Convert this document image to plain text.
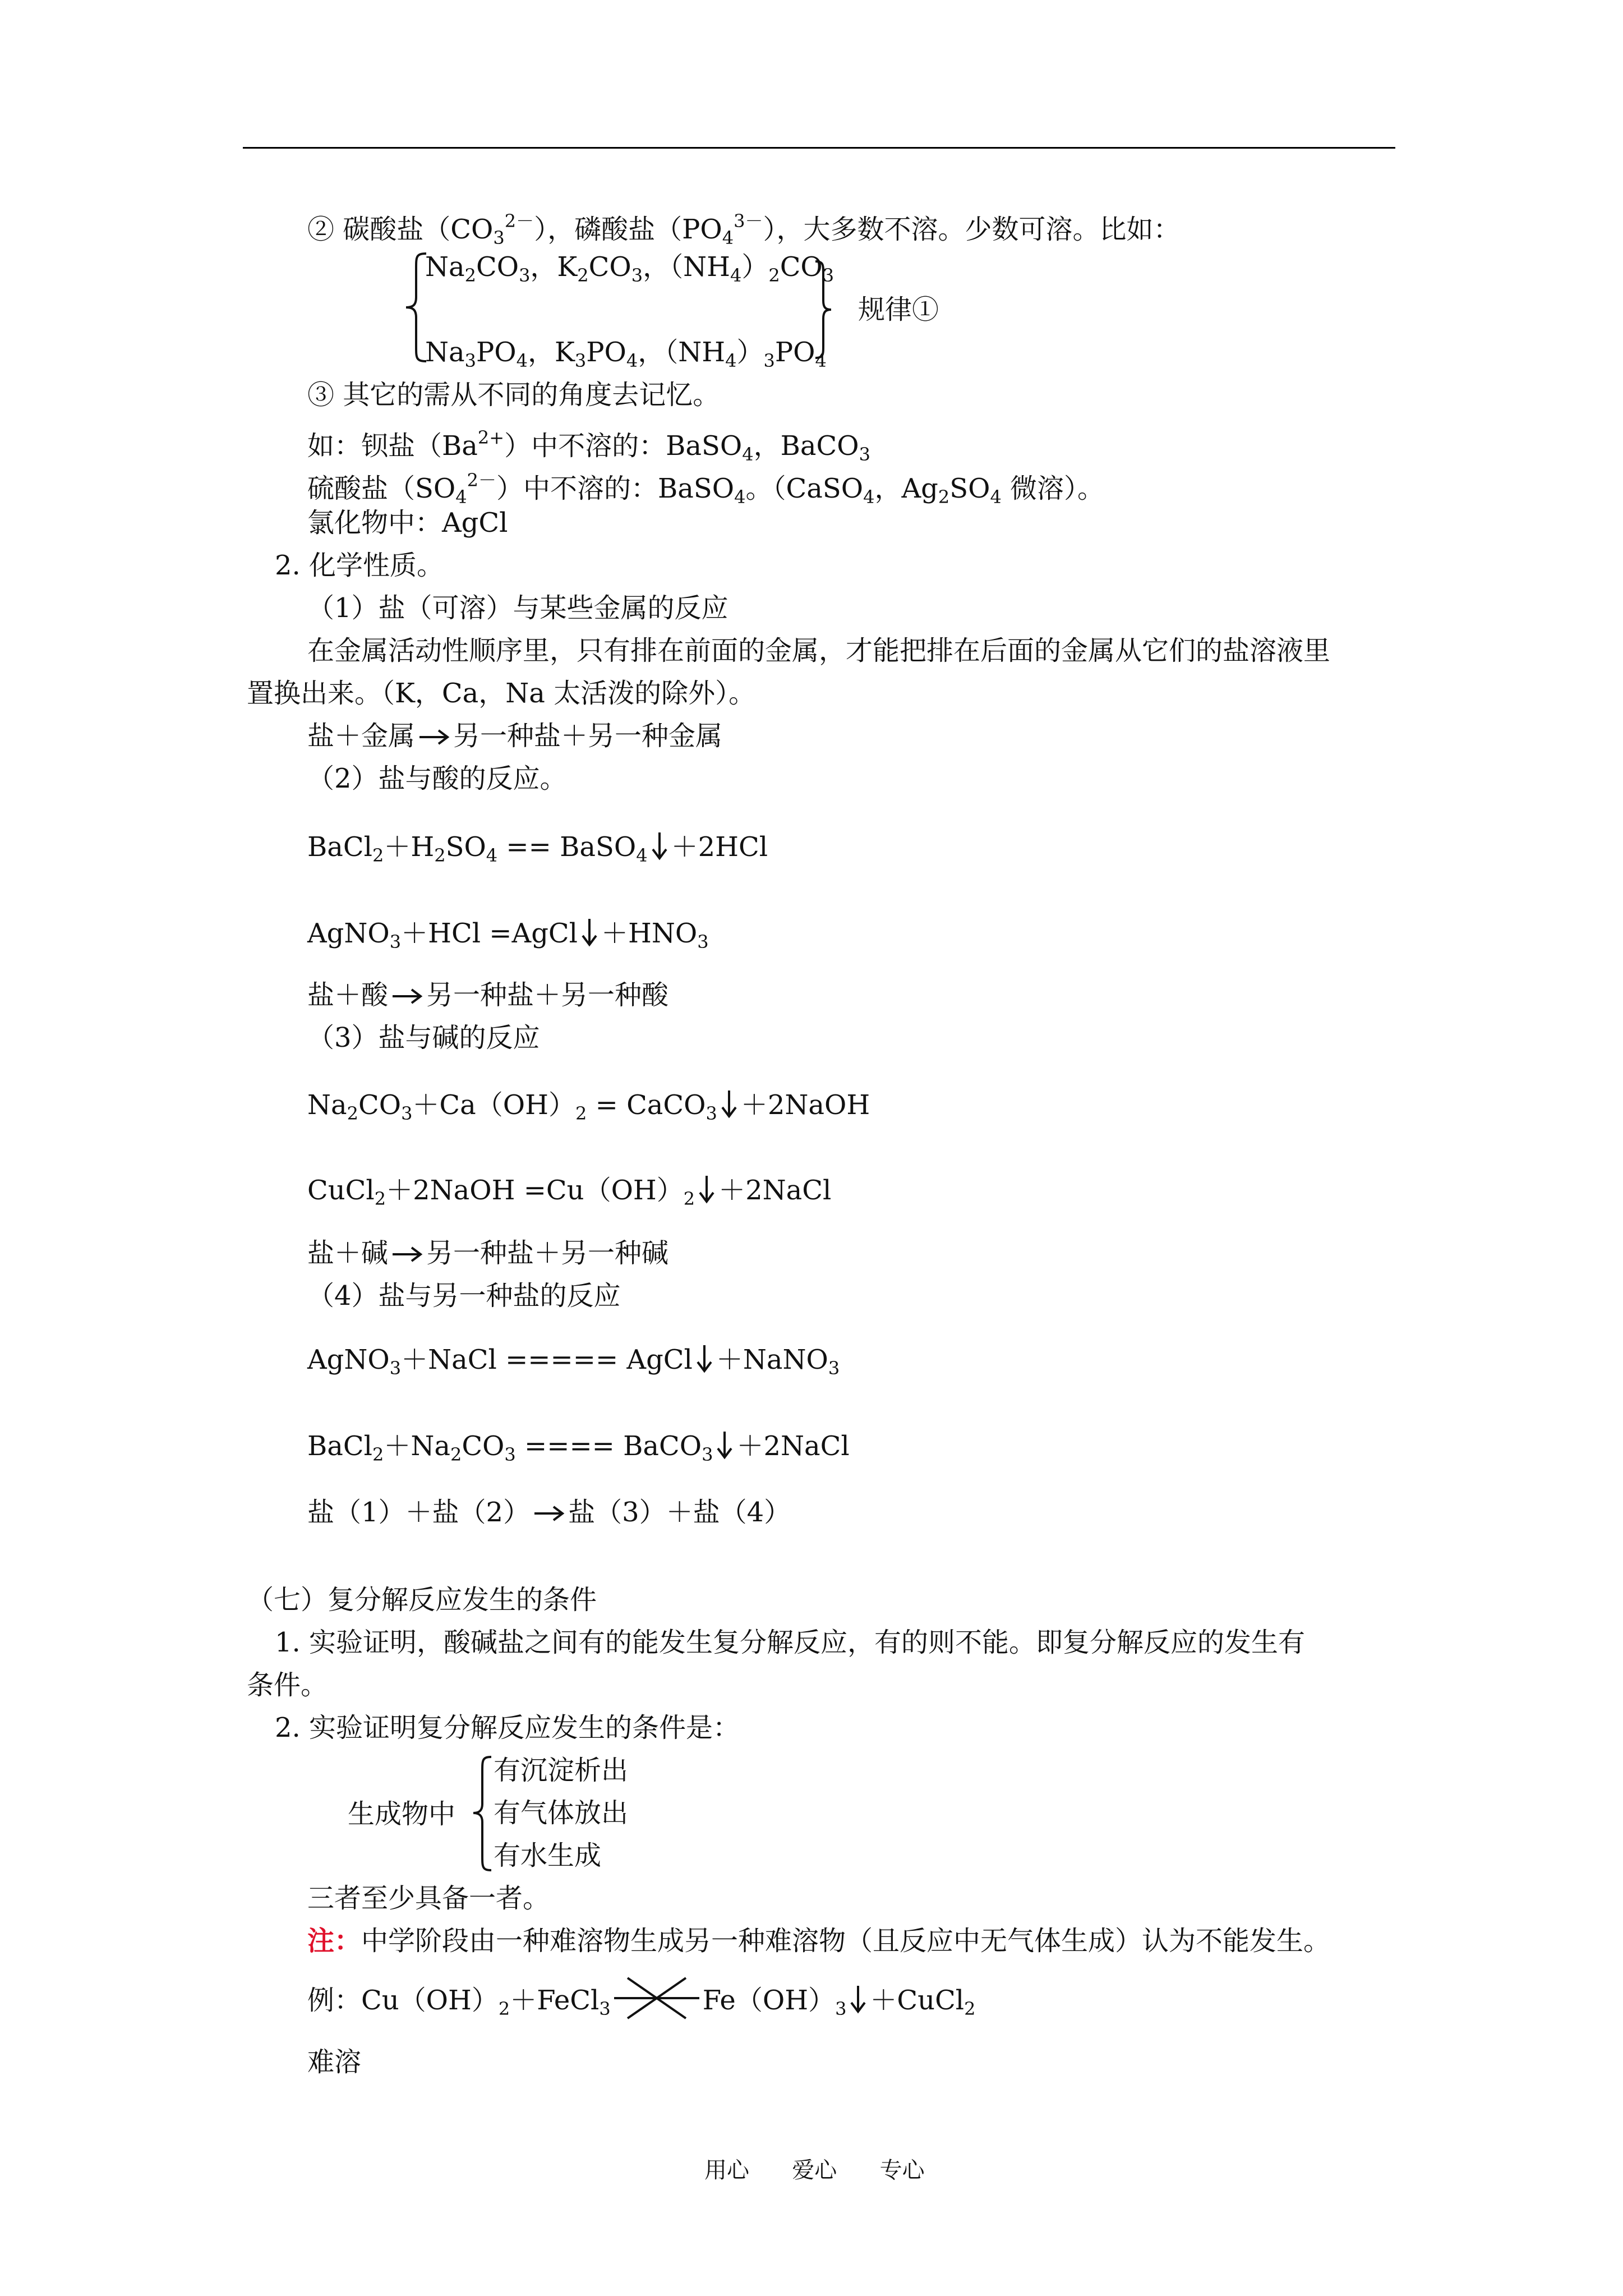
② 碳酸盐$(CO_3^{2-})$，磷酸盐$(PO_4^{3-})$，大多数不溶。少数可溶。比如：
$Na_2CO_3$，$K_2CO_3$，$(NH_4)_2CO_3$
$Na_3PO_4$，$K_3PO_4$，$(NH_4)_3PO_4$
规律①
③ 其它的需从不同的角度去记忆。
如：钡盐$(Ba^{2+})$中不溶的：BaSO$_4$，BaCO$_3$
硫酸盐$(SO_4^{2-})$中不溶的：BaSO$_4$。（CaSO$_4$，$Ag_2SO_4$ 微溶）。
氯化物中：AgCl
2. 化学性质。
（1）盐（可溶）与某些金属的反应
在金属活动性顺序里，只有排在前面的金属，才能把排在后面的金属从它们的盐溶液里
置换出来。（K，Ca，Na 太活泼的除外）。
盐＋金属 另一种盐＋另一种金属
（2）盐与酸的反应。
$BaCl_2+H_2SO_4$ == BaSO$_4$ ＋2HCl
AgNO$_3$＋HCl =AgCl $+HNO_3$
盐＋酸 另一种盐＋另一种酸
（3）盐与碱的反应
$Na_2CO_3+Ca(OH)_2$ = CaCO$_3$ ＋2NaOH
CuCl$_2$＋2NaOH $=Cu(OH)_2$ ＋2NaCl
盐＋碱 另一种盐＋另一种碱
（4）盐与另一种盐的反应
AgNO$_3$＋NaCl ===== AgCl ＋NaNO$_3$
$BaCl_2+Na_2CO_3$ ==== BaCO$_3$ ＋2NaCl
盐（1）＋盐（2） 盐（3）＋盐（4）
（七）复分解反应发生的条件
1. 实验证明，酸碱盐之间有的能发生复分解反应，有的则不能。即复分解反应的发生有
条件。
2. 实验证明复分解反应发生的条件是：
生成物中
有沉淀析出
有气体放出
有水生成
三者至少具备一者。
注：中学阶段由一种难溶物生成另一种难溶物（且反应中无气体生成）认为不能发生。
例：$Cu(OH)_2+FeCl_3$	$Fe(OH)_3$ ＋CuCl$_2$
难溶
用心      爱心      专心
